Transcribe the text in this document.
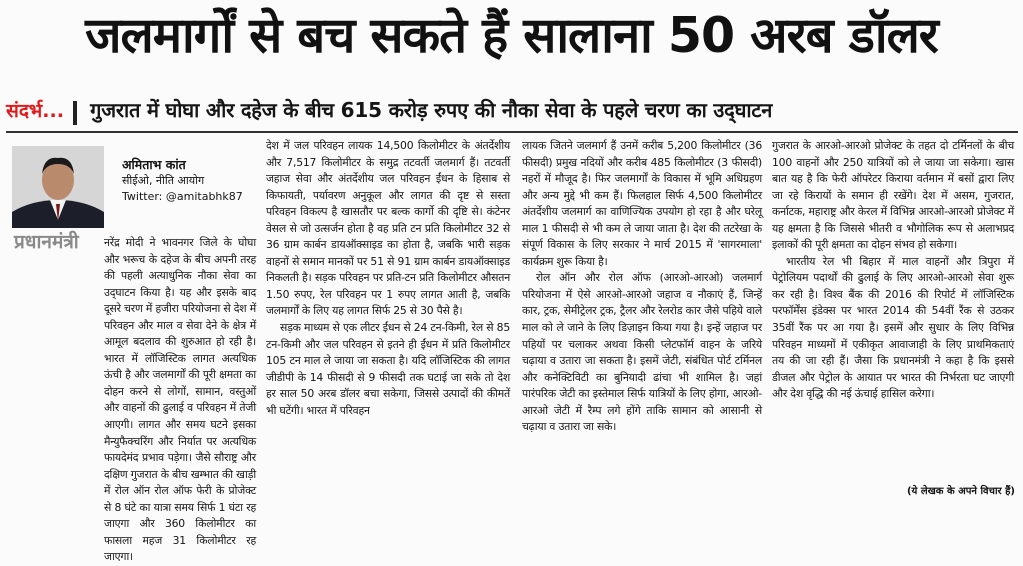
जलमार्गों से बच सकते हैं सालाना 50 अरब डॉलर
संदर्भ... गुजरात में घोघा और दहेज के बीच 615 करोड़ रुपए की नौका सेवा के पहले चरण का उद्‌घाटन
अमिताभ कांत
सीईओ, नीति आयोग
Twitter: @amitabhk87
प्रधानमंत्री नरेंद्र मोदी ने भावनगर जिले के घोघा और भरूच के दहेज के बीच अपनी तरह की पहली अत्याधुनिक नौका सेवा का उद्‌घाटन किया है। यह और इसके बाद दूसरे चरण में हजीरा परियोजना से देश में परिवहन और माल व सेवा देने के क्षेत्र में आमूल बदलाव की शुरुआत हो रही है। भारत में लॉजिस्टिक लागत अत्यधिक ऊंची है और जलमार्गों की पूरी क्षमता का दोहन करने से लोगों, सामान, वस्तुओं और वाहनों की ढुलाई व परिवहन में तेजी आएगी। लागत और समय घटने इसका मैन्युफैक्चरिंग और निर्यात पर अत्यधिक फायदेमंद प्रभाव पड़ेगा। जैसे सौराष्ट्र और दक्षिण गुजरात के बीच खम्भात की खाड़ी में रोल ऑन रोल ऑफ फेरी के प्रोजेक्ट से 8 घंटे का यात्रा समय सिर्फ 1 घंटा रह जाएगा और 360 किलोमीटर का फासला महज 31 किलोमीटर रह जाएगा।

देश में जल परिवहन लायक 14,500 किलोमीटर के अंतर्देशीय और 7,517 किलोमीटर के समुद्र तटवर्ती जलमार्ग हैं। तटवर्ती जहाज सेवा और अंतर्देशीय जल परिवहन ईंधन के हिसाब से किफायती, पर्यावरण अनुकूल और लागत की दृष्ट से सस्ता परिवहन विकल्प है खासतौर पर बल्क कार्गो की दृष्टि से। कंटेनर वेसल से जो उत्सर्जन होता है वह प्रति टन प्रति किलोमीटर 32 से 36 ग्राम कार्बन डायऑक्साइड का होता है, जबकि भारी सड़क वाहनों से समान मानकों पर 51 से 91 ग्राम कार्बन डायऑक्साइड निकलती है। सड़क परिवहन पर प्रति-टन प्रति किलोमीटर औसतन 1.50 रुपए, रेल परिवहन पर 1 रुपए लागत आती है, जबकि जलमार्गों के लिए यह लागत सिर्फ 25 से 30 पैसे है।

सड़क माध्यम से एक लीटर ईंधन से 24 टन-किमी, रेल से 85 टन-किमी और जल परिवहन से इतने ही ईंधन में प्रति किलोमीटर 105 टन माल ले जाया जा सकता है। यदि लॉजिस्टिक की लागत जीडीपी के 14 फीसदी से 9 फीसदी तक घटाई जा सके तो देश हर साल 50 अरब डॉलर बचा सकेगा, जिससे उत्पादों की कीमतें भी घटेंगी। भारत में परिवहन

लायक जितने जलमार्ग हैं उनमें करीब 5,200 किलोमीटर (36 फीसदी) प्रमुख नदियों और करीब 485 किलोमीटर (3 फीसदी) नहरों में मौजूद है। फिर जलमार्गों के विकास में भूमि अधिग्रहण और अन्य मुद्दे भी कम हैं। फिलहाल सिर्फ 4,500 किलोमीटर अंतर्देशीय जलमार्ग का वाणिज्यिक उपयोग हो रहा है और घरेलू माल 1 फीसदी से भी कम ले जाया जाता है। देश की तटरेखा के संपूर्ण विकास के लिए सरकार ने मार्च 2015 में 'सागरमाला' कार्यक्रम शुरू किया है।

रोल ऑन और रोल ऑफ (आरओ-आरओ) जलमार्ग परियोजना में ऐसे आरओ-आरओ जहाज व नौकाएं हैं, जिन्हें कार, ट्रक, सेमीट्रेलर ट्रक, ट्रैलर और रेलरोड कार जैसे पहिये वाले माल को ले जाने के लिए डिज़ाइन किया गया है। इन्हें जहाज पर पहियों पर चलाकर अथवा किसी प्लेटफॉर्म वाहन के जरिये चढ़ाया व उतारा जा सकता है। इसमें जेटी, संबंधित पोर्ट टर्मिनल और कनेक्टिविटी का बुनियादी ढांचा भी शामिल है। जहां पारंपरिक जेटी का इस्तेमाल सिर्फ यात्रियों के लिए होगा, आरओ-आरओ जेटी में रैम्प लगे होंगे ताकि सामान को आसानी से चढ़ाया व उतारा जा सके।

गुजरात के आरओ-आरओ प्रोजेक्ट के तहत दो टर्मिनलों के बीच 100 वाहनों और 250 यात्रियों को ले जाया जा सकेगा। खास बात यह है कि फेरी ऑपरेटर किराया वर्तमान में बसों द्वारा लिए जा रहे किरायों के समान ही रखेंगे। देश में असम, गुजरात, कर्नाटक, महाराष्ट्र और केरल में विभिन्न आरओ-आरओ प्रोजेक्ट में यह क्षमता है कि जिससे भीतरी व भौगोलिक रूप से अलाभप्रद इलाकों की पूरी क्षमता का दोहन संभव हो सकेगा।

भारतीय रेल भी बिहार में माल वाहनों और त्रिपुरा में पेट्रोलियम पदार्थों की ढुलाई के लिए आरओ-आरओ सेवा शुरू कर रही है। विश्व बैंक की 2016 की रिपोर्ट में लॉजिस्टिक परफॉर्मेंस इंडेक्स पर भारत 2014 की 54वीं रैंक से उठकर 35वीं रैंक पर आ गया है। इसमें और सुधार के लिए विभिन्न परिवहन माध्यमों में एकीकृत आवाजाही के लिए प्राथमिकताएं तय की जा रही हैं। जैसा कि प्रधानमंत्री ने कहा है कि इससे डीजल और पेट्रोल के आयात पर भारत की निर्भरता घट जाएगी और देश वृद्धि की नई ऊंचाई हासिल करेगा।

(ये लेखक के अपने विचार हैं)
